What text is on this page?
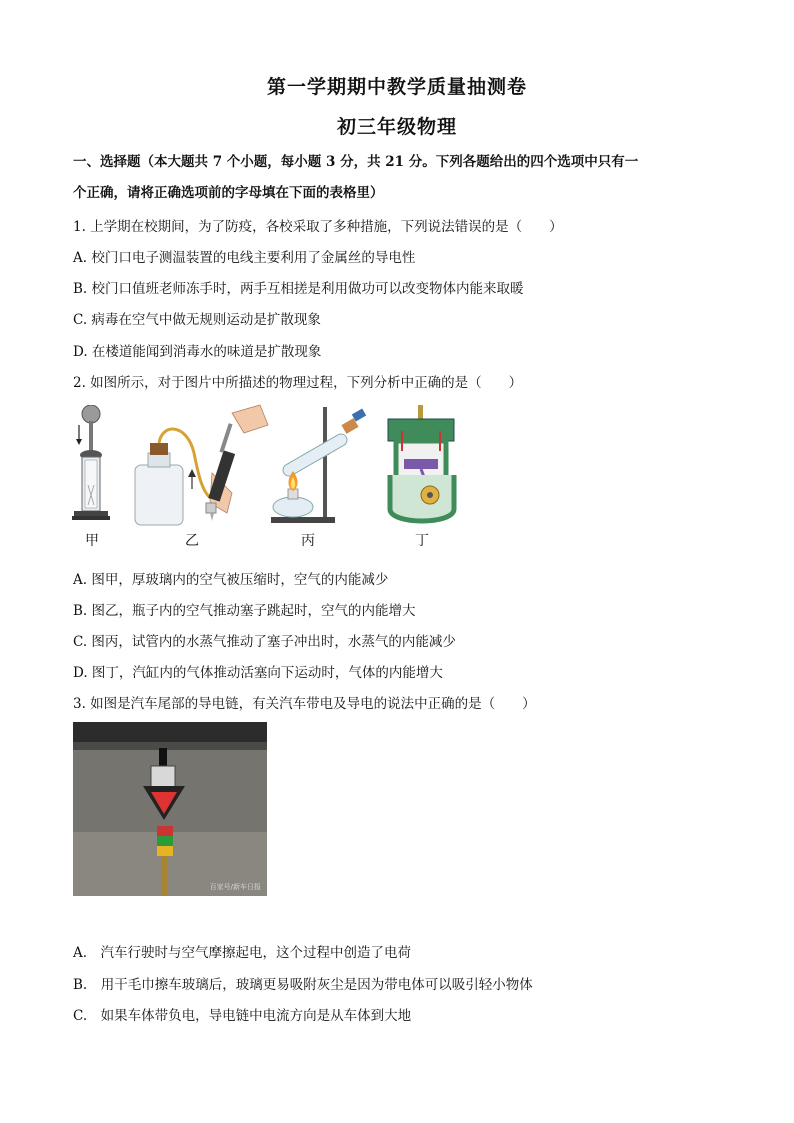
第一学期期中教学质量抽测卷
初三年级物理
一、选择题（本大题共 7 个小题，每小题 3 分，共 21 分。下列各题给出的四个选项中只有一
个正确，请将正确选项前的字母填在下面的表格里）
1. 上学期在校期间，为了防疫，各校采取了多种措施，下列说法错误的是（　　）
A. 校门口电子测温装置的电线主要利用了金属丝的导电性
B. 校门口值班老师冻手时，两手互相搓是利用做功可以改变物体内能来取暖
C. 病毒在空气中做无规则运动是扩散现象
D. 在楼道能闻到消毒水的味道是扩散现象
2. 如图所示，对于图片中所描述的物理过程，下列分析中正确的是（　　）
甲	乙	丙	丁
A. 图甲，厚玻璃内的空气被压缩时，空气的内能减少
B. 图乙，瓶子内的空气推动塞子跳起时，空气的内能增大
C. 图丙，试管内的水蒸气推动了塞子冲出时，水蒸气的内能减少
D. 图丁，汽缸内的气体推动活塞向下运动时，气体的内能增大
3. 如图是汽车尾部的导电链，有关汽车带电及导电的说法中正确的是（　　）
百家号/新车日报
A.　汽车行驶时与空气摩擦起电，这个过程中创造了电荷
B.　用干毛巾擦车玻璃后，玻璃更易吸附灰尘是因为带电体可以吸引轻小物体
C.　如果车体带负电，导电链中电流方向是从车体到大地
